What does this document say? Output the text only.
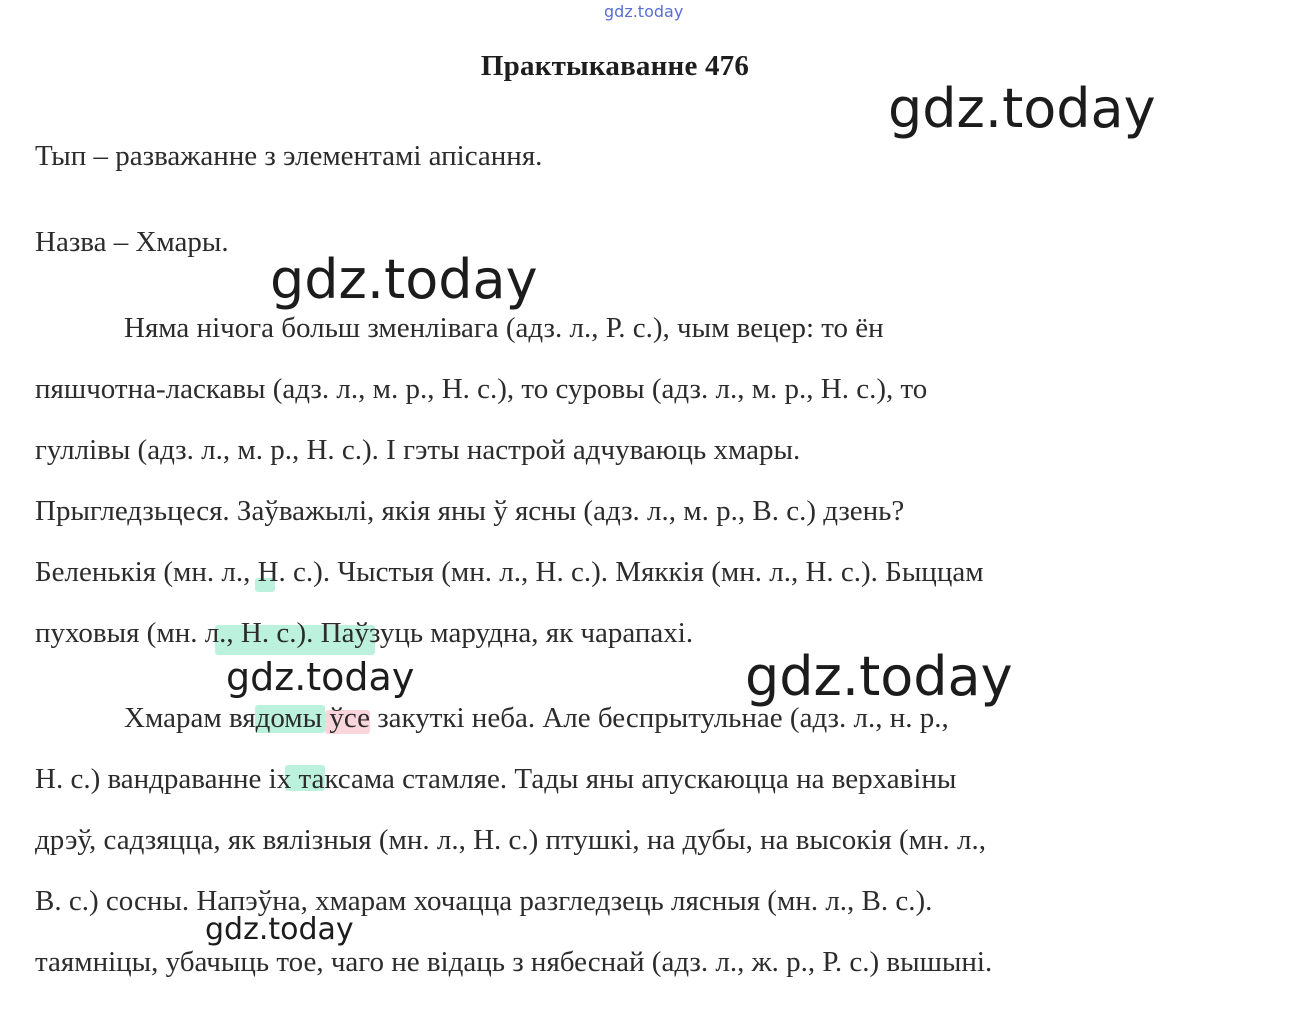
gdz.today
Практыкаванне 476
gdz.today
Тып – разважанне з элементамі апісання.
Назва – Хмары.
gdz.today
Няма нічога больш зменлівага (адз. л., Р. с.), чым вецер: то ён
пяшчотна-ласкавы (адз. л., м. р., Н. с.), то суровы (адз. л., м. р., Н. с.), то
гуллівы (адз. л., м. р., Н. с.). І гэты настрой адчуваюць хмары.
Прыгледзьцеся. Заўважылі, якія яны ў ясны (адз. л., м. р., В. с.) дзень?
Беленькія (мн. л., Н. с.). Чыстыя (мн. л., Н. с.). Мяккія (мн. л., Н. с.). Быццам
пуховыя (мн. л., Н. с.). Паўзуць марудна, як чарапахі.
gdz.today	gdz.today
Хмарам вядомы ўсе закуткі неба. Але беспрытульнае (адз. л., н. р.,
Н. с.) вандраванне іх таксама стамляе. Тады яны апускаюцца на верхавіны
дрэў, садзяцца, як вялізныя (мн. л., Н. с.) птушкі, на дубы, на высокія (мн. л.,
В. с.) сосны. Напэўна, хмарам хочацца разгледзець лясныя (мн. л., В. с.).
gdz.today
таямніцы, убачыць тое, чаго не відаць з нябеснай (адз. л., ж. р., Р. с.) вышыні.
